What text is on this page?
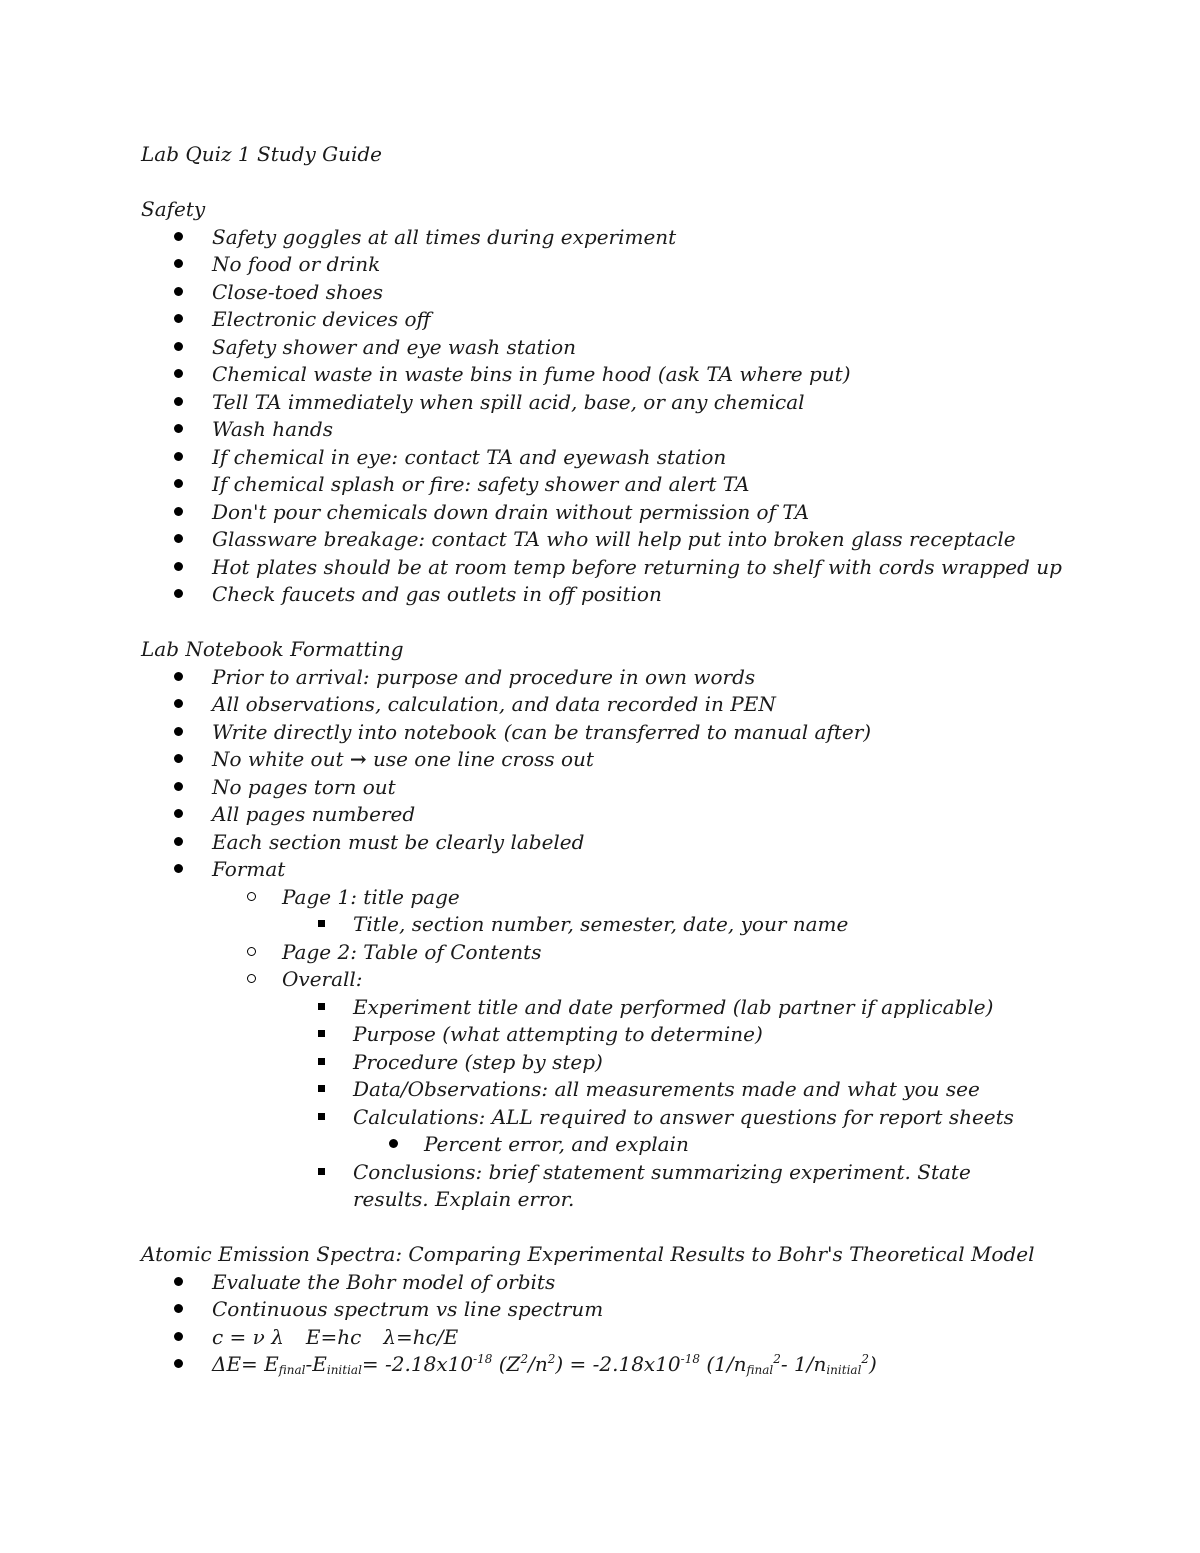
Lab Quiz 1 Study Guide
Safety
Safety goggles at all times during experiment
No food or drink
Close-toed shoes
Electronic devices off
Safety shower and eye wash station
Chemical waste in waste bins in fume hood (ask TA where put)
Tell TA immediately when spill acid, base, or any chemical
Wash hands
If chemical in eye: contact TA and eyewash station
If chemical splash or fire: safety shower and alert TA
Don't pour chemicals down drain without permission of TA
Glassware breakage: contact TA who will help put into broken glass receptacle
Hot plates should be at room temp before returning to shelf with cords wrapped up
Check faucets and gas outlets in off position
Lab Notebook Formatting
Prior to arrival: purpose and procedure in own words
All observations, calculation, and data recorded in PEN
Write directly into notebook (can be transferred to manual after)
No white out → use one line cross out
No pages torn out
All pages numbered
Each section must be clearly labeled
Format
Page 1: title page
Title, section number, semester, date, your name
Page 2: Table of Contents
Overall:
Experiment title and date performed (lab partner if applicable)
Purpose (what attempting to determine)
Procedure (step by step)
Data/Observations: all measurements made and what you see
Calculations: ALL required to answer questions for report sheets
Percent error, and explain
Conclusions: brief statement summarizing experiment. State results. Explain error.
Atomic Emission Spectra: Comparing Experimental Results to Bohr's Theoretical Model
Evaluate the Bohr model of orbits
Continuous spectrum vs line spectrum
c = ν λ E=hc λ=hc/E
$\Delta E= E_{final}-E_{initial}= -2.18x10^{-18}$ $(Z^2/n^2) = -2.18x10^{-18}$ ($1/n_{final}^2-$ $1/n_{initial}^2$)
